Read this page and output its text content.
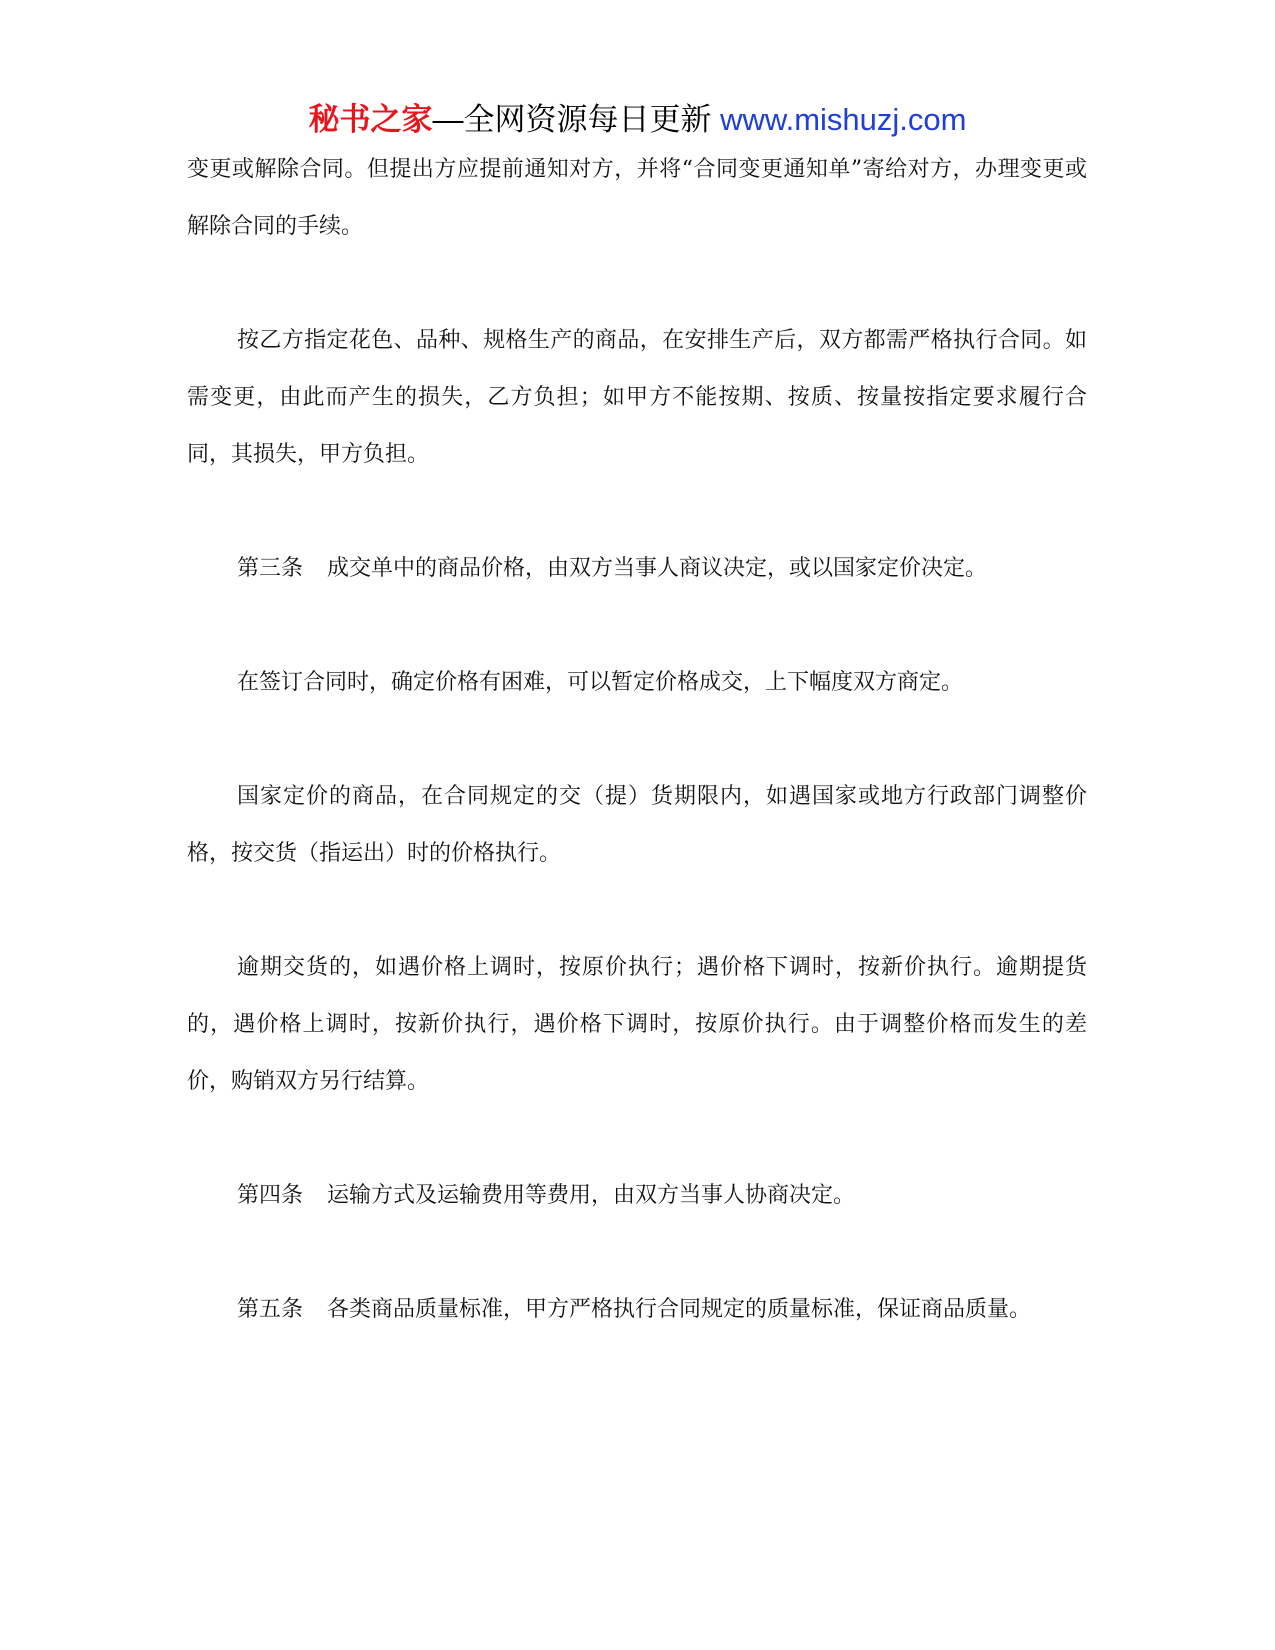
秘书之家—全网资源每日更新 www.mishuzj.com

变更或解除合同。但提出方应提前通知对方，并将“合同变更通知单”寄给对方，办理变更或解除合同的手续。

按乙方指定花色、品种、规格生产的商品，在安排生产后，双方都需严格执行合同。如需变更，由此而产生的损失，乙方负担；如甲方不能按期、按质、按量按指定要求履行合同，其损失，甲方负担。

第三条 成交单中的商品价格，由双方当事人商议决定，或以国家定价决定。

在签订合同时，确定价格有困难，可以暂定价格成交，上下幅度双方商定。

国家定价的商品，在合同规定的交（提）货期限内，如遇国家或地方行政部门调整价格，按交货（指运出）时的价格执行。

逾期交货的，如遇价格上调时，按原价执行；遇价格下调时，按新价执行。逾期提货的，遇价格上调时，按新价执行，遇价格下调时，按原价执行。由于调整价格而发生的差价，购销双方另行结算。

第四条 运输方式及运输费用等费用，由双方当事人协商决定。

第五条 各类商品质量标准，甲方严格执行合同规定的质量标准，保证商品质量。
